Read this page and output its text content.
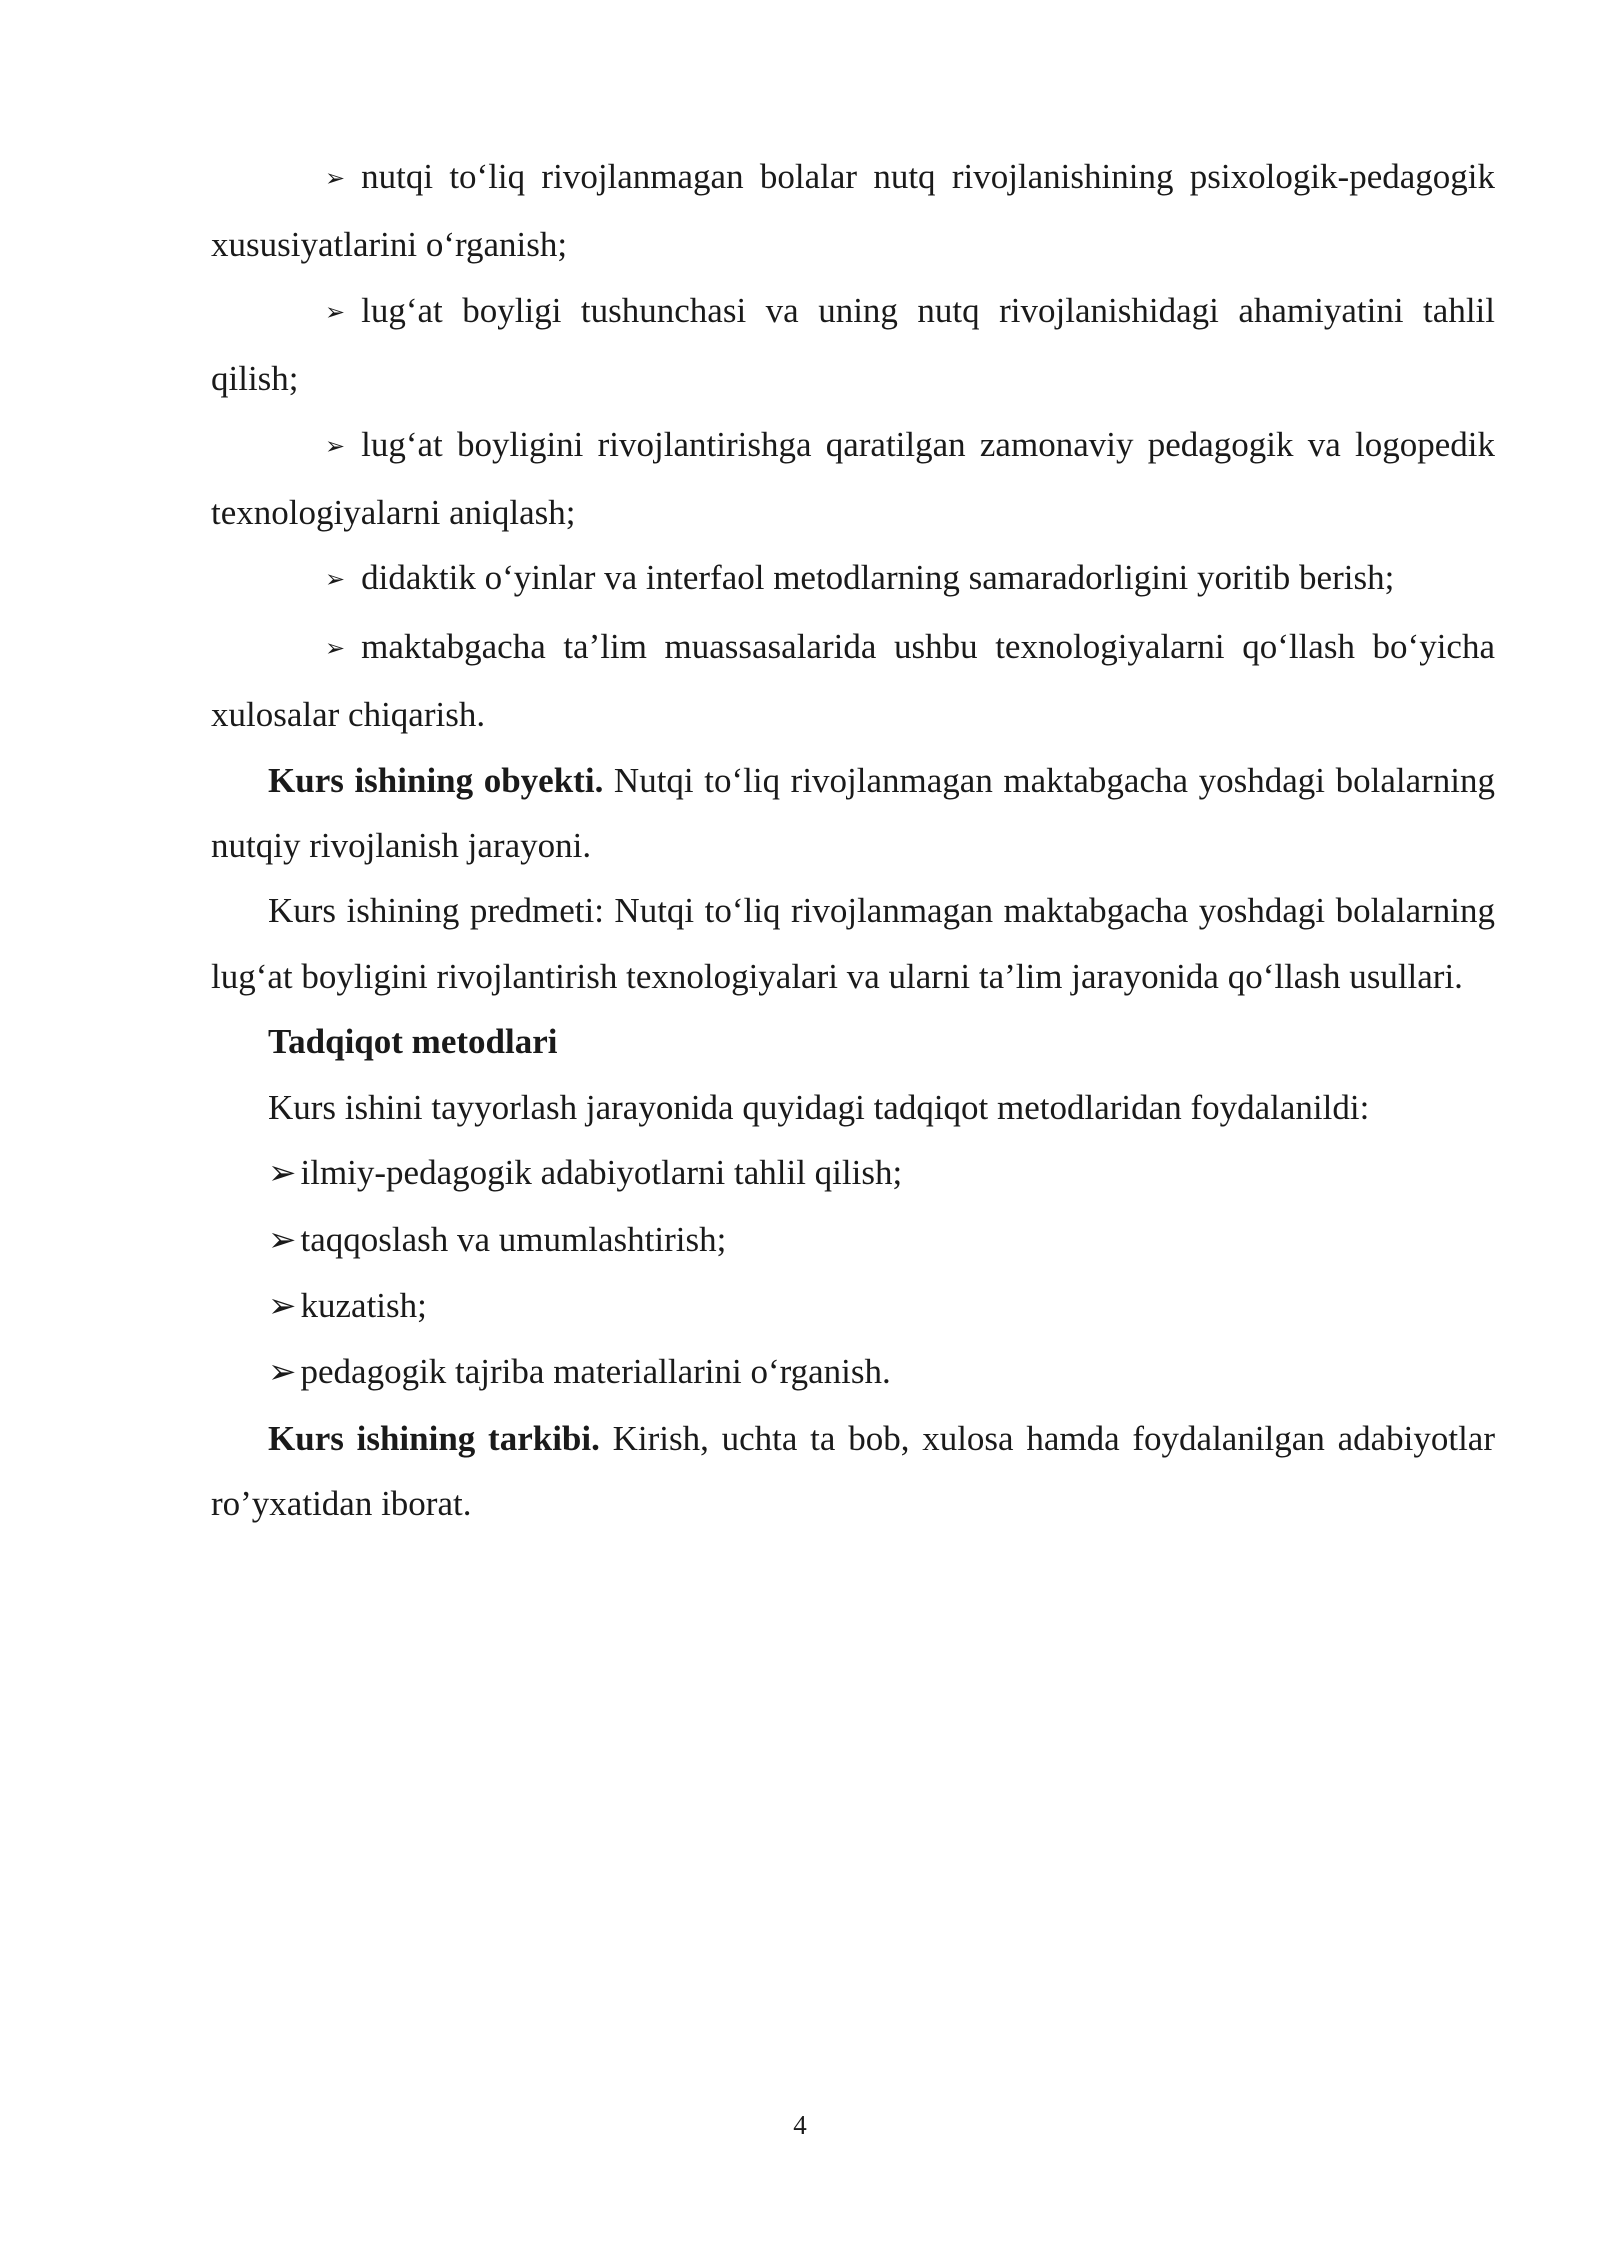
➢ nutqi to‘liq rivojlanmagan bolalar nutq rivojlanishining psixologik-pedagogik xususiyatlarini o‘rganish;

➢ lug‘at boyligi tushunchasi va uning nutq rivojlanishidagi ahamiyatini tahlil qilish;

➢ lug‘at boyligini rivojlantirishga qaratilgan zamonaviy pedagogik va logopedik texnologiyalarni aniqlash;

➢ didaktik o‘yinlar va interfaol metodlarning samaradorligini yoritib berish;

➢ maktabgacha ta’lim muassasalarida ushbu texnologiyalarni qo‘llash bo‘yicha xulosalar chiqarish.

Kurs ishining obyekti. Nutqi to‘liq rivojlanmagan maktabgacha yoshdagi bolalarning nutqiy rivojlanish jarayoni.

Kurs ishining predmeti: Nutqi to‘liq rivojlanmagan maktabgacha yoshdagi bolalarning lug‘at boyligini rivojlantirish texnologiyalari va ularni ta’lim jarayonida qo‘llash usullari.

Tadqiqot metodlari

Kurs ishini tayyorlash jarayonida quyidagi tadqiqot metodlaridan foydalanildi:

➢ ilmiy-pedagogik adabiyotlarni tahlil qilish;

➢ taqqoslash va umumlashtirish;

➢ kuzatish;

➢ pedagogik tajriba materiallarini o‘rganish.

Kurs ishining tarkibi. Kirish, uchta ta bob, xulosa hamda foydalanilgan adabiyotlar ro’yxatidan iborat.

4
